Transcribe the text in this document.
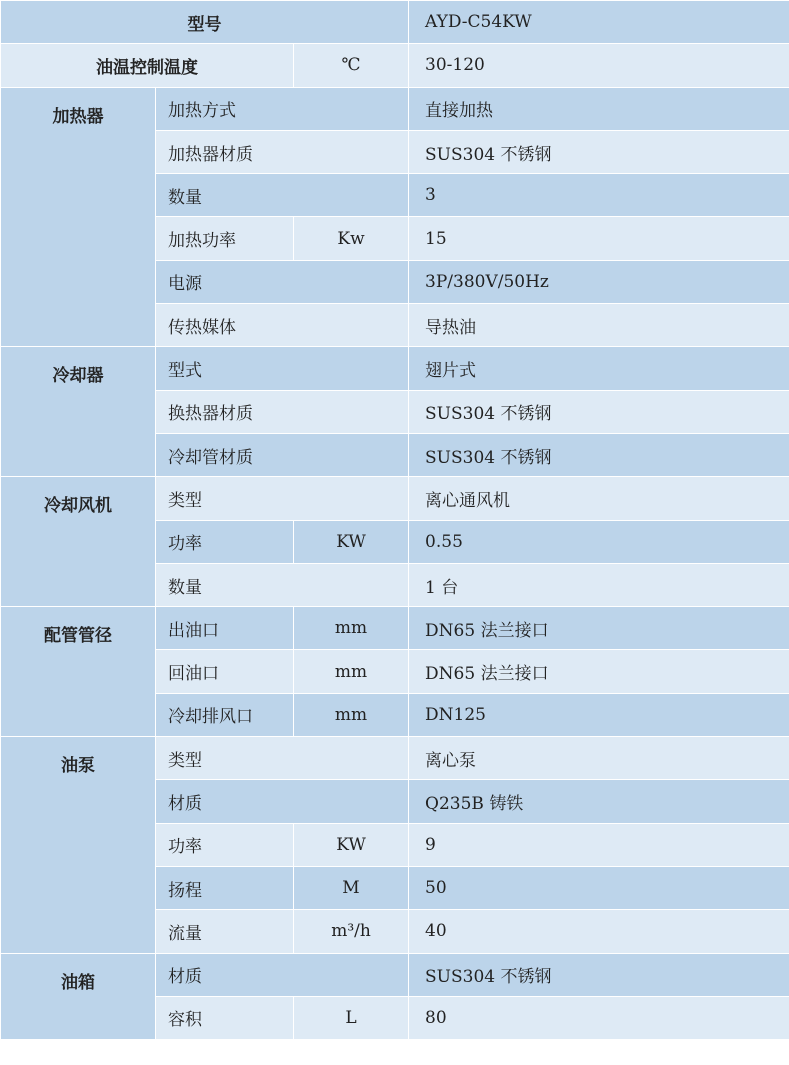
型号			AYD-C54KW
油温控制温度		℃	30-120
加热器	加热方式		直接加热
	加热器材质		SUS304 不锈钢
	数量		3
	加热功率	Kw	15
	电源		3P/380V/50Hz
	传热媒体		导热油
冷却器	型式		翅片式
	换热器材质		SUS304 不锈钢
	冷却管材质		SUS304 不锈钢
冷却风机	类型		离心通风机
	功率	KW	0.55
	数量		1 台
配管管径	出油口	mm	DN65 法兰接口
	回油口	mm	DN65 法兰接口
	冷却排风口	mm	DN125
油泵	类型		离心泵
	材质		Q235B 铸铁
	功率	KW	9
	扬程	M	50
	流量	m³/h	40
油箱	材质		SUS304 不锈钢
	容积	L	80
